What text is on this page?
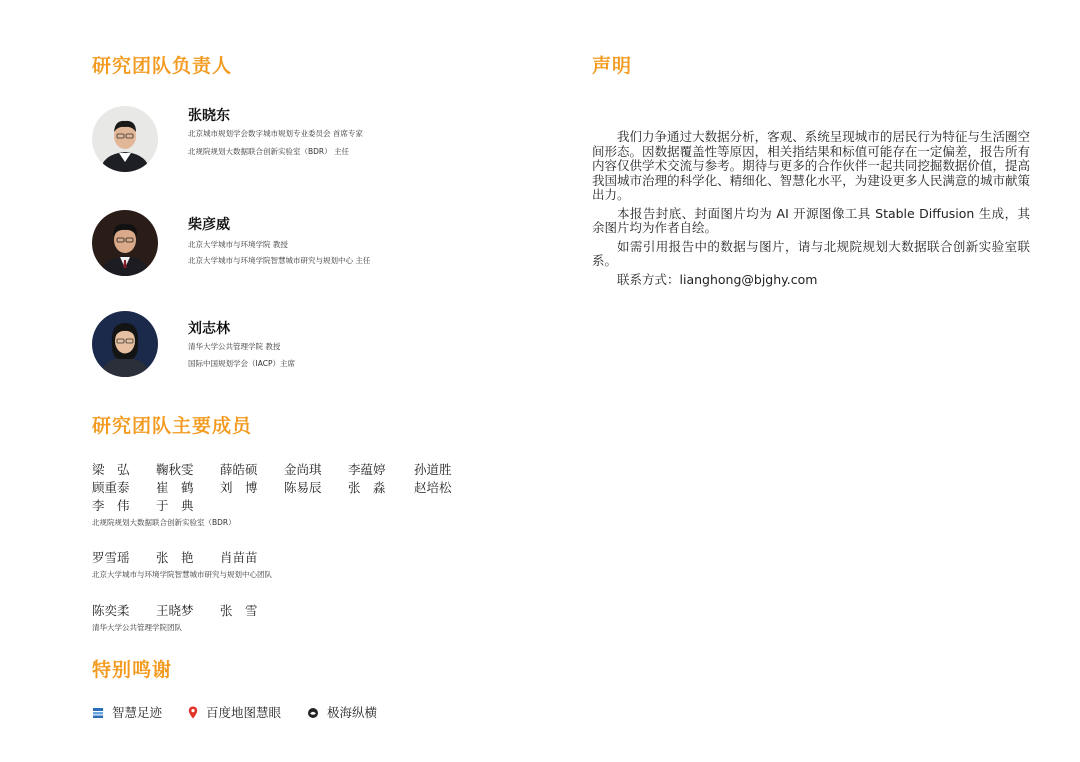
研究团队负责人
张晓东
北京城市规划学会数字城市规划专业委员会 首席专家
北规院规划大数据联合创新实验室（BDR） 主任
柴彦威
北京大学城市与环境学院 教授
北京大学城市与环境学院智慧城市研究与规划中心 主任
刘志林
清华大学公共管理学院 教授
国际中国规划学会（IACP）主席
研究团队主要成员
梁　弘 鞠秋雯 薛皓硕 金尚琪 李蕴婷 孙道胜
顾重泰 崔　鹤 刘　博 陈易辰 张　淼 赵培松
李　伟 于　典
北规院规划大数据联合创新实验室（BDR）
罗雪瑶 张　艳 肖苗苗
北京大学城市与环境学院智慧城市研究与规划中心团队
陈奕柔 王晓梦 张　雪
清华大学公共管理学院团队
特别鸣谢
智慧足迹	百度地图慧眼	极海纵横
声明

我们力争通过大数据分析，客观、系统呈现城市的居民行为特征与生活圈空间形态。因数据覆盖性等原因，相关指结果和标值可能存在一定偏差，报告所有内容仅供学术交流与参考。期待与更多的合作伙伴一起共同挖掘数据价值，提高我国城市治理的科学化、精细化、智慧化水平，为建设更多人民满意的城市献策出力。

本报告封底、封面图片均为 AI 开源图像工具 Stable Diffusion 生成，其余图片均为作者自绘。

如需引用报告中的数据与图片，请与北规院规划大数据联合创新实验室联系。

联系方式：lianghong@bjghy.com
